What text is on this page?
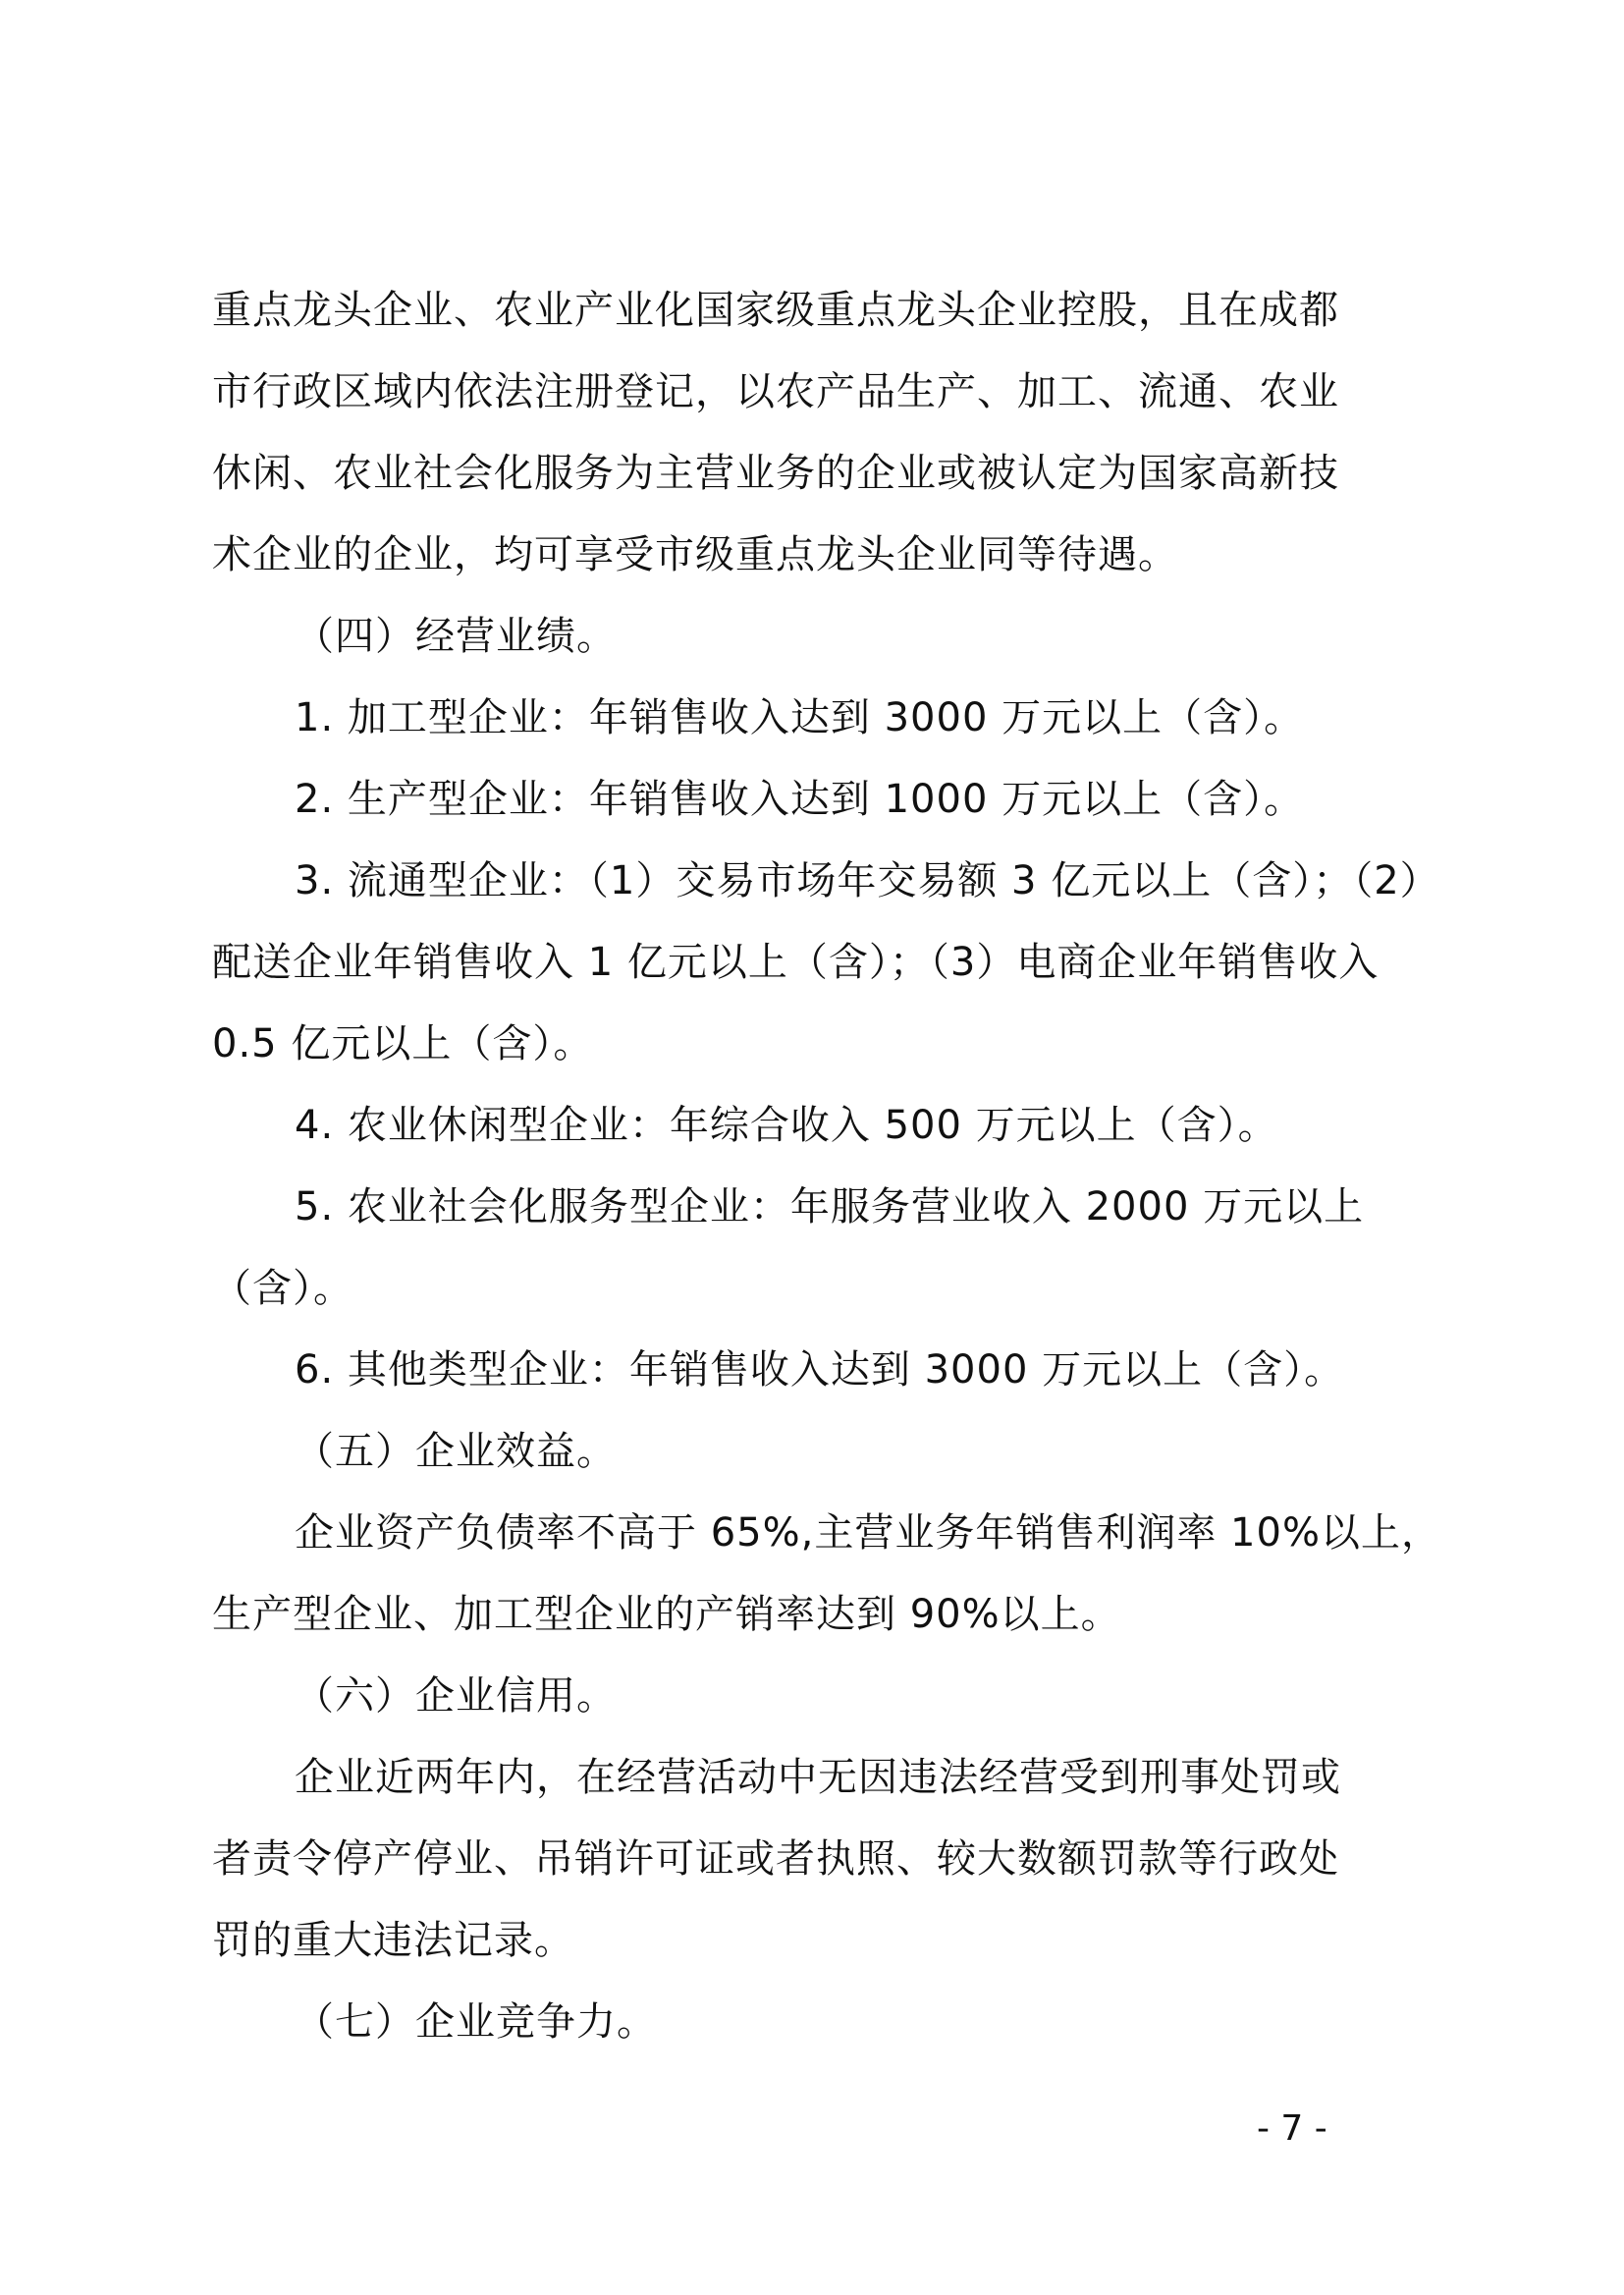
重点龙头企业、农业产业化国家级重点龙头企业控股，且在成都
市行政区域内依法注册登记，以农产品生产、加工、流通、农业
休闲、农业社会化服务为主营业务的企业或被认定为国家高新技
术企业的企业，均可享受市级重点龙头企业同等待遇。
（四）经营业绩。
1. 加工型企业：年销售收入达到 3000 万元以上（含）。
2. 生产型企业：年销售收入达到 1000 万元以上（含）。
3. 流通型企业：（1）交易市场年交易额 3 亿元以上（含）；（2）
配送企业年销售收入 1 亿元以上（含）；（3）电商企业年销售收入
0.5 亿元以上（含）。
4. 农业休闲型企业：年综合收入 500 万元以上（含）。
5. 农业社会化服务型企业：年服务营业收入 2000 万元以上
（含）。
6. 其他类型企业：年销售收入达到 3000 万元以上（含）。
（五）企业效益。
企业资产负债率不高于 65%,主营业务年销售利润率 10%以上，
生产型企业、加工型企业的产销率达到 90%以上。
（六）企业信用。
企业近两年内，在经营活动中无因违法经营受到刑事处罚或
者责令停产停业、吊销许可证或者执照、较大数额罚款等行政处
罚的重大违法记录。
（七）企业竞争力。
- 7 -
